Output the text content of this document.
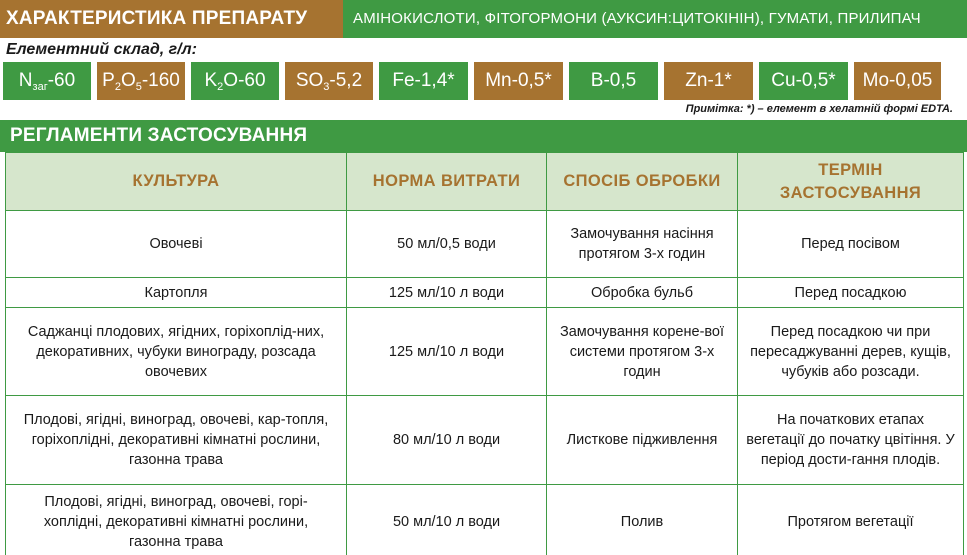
ХАРАКТЕРИСТИКА ПРЕПАРАТУ	АМІНОКИСЛОТИ, ФІТОГОРМОНИ (АУКСИН:ЦИТОКІНІН), ГУМАТИ, ПРИЛИПАЧ
Елементний склад, г/л:
$N_{заг}-60$	$P_2O_5-160$	$K_2O-60$	$SO_3-5,2$	Fe-1,4*	Mn-0,5*	B-0,5	Zn-1*	Cu-0,5*	Mo-0,05
Примітка: *) – елемент в хелатній формі EDTA.
РЕГЛАМЕНТИ ЗАСТОСУВАННЯ
КУЛЬТУРА	НОРМА ВИТРАТИ	СПОСІБ ОБРОБКИ	ТЕРМІН ЗАСТОСУВАННЯ
Овочеві	50 мл/0,5 води	Замочування насіння протягом 3-х годин	Перед посівом
Картопля	125 мл/10 л води	Обробка бульб	Перед посадкою
Саджанці плодових, ягідних, горіхоплід-них, декоративних, чубуки винограду, розсада овочевих	125 мл/10 л води	Замочування корене-вої системи протягом 3-х годин	Перед посадкою чи при пересаджуванні дерев, кущів, чубуків або розсади.
Плодові, ягідні, виноград, овочеві, кар-топля, горіхоплідні, декоративні кімнатні рослини, газонна трава	80 мл/10 л води	Листкове підживлення	На початкових етапах вегетації до початку цвітіння. У період дости-гання плодів.
Плодові, ягідні, виноград, овочеві, горі-хоплідні, декоративні кімнатні рослини, газонна трава	50 мл/10 л води	Полив	Протягом вегетації
